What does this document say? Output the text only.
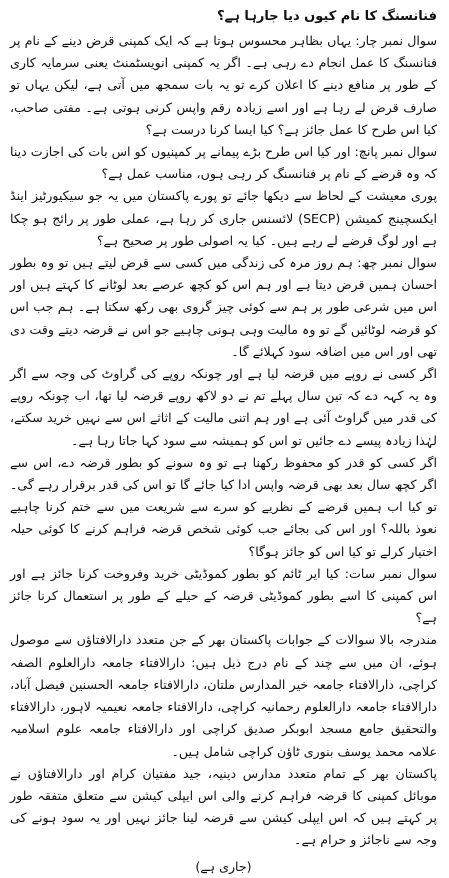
فنانسنگ کا نام کیوں دیا جارہا ہے؟

سوال نمبر چار: یہاں بظاہر محسوس ہوتا ہے کہ ایک کمپنی قرض دینے کے نام پر فنانسنگ کا عمل انجام دے رہی ہے۔ اگر یہ کمپنی انویسٹمنٹ یعنی سرمایہ کاری کے طور پر منافع دینے کا اعلان کرے تو یہ بات سمجھ میں آتی ہے، لیکن یہاں تو صارف قرض لے رہا ہے اور اسے زیادہ رقم واپس کرنی ہوتی ہے۔ مفتی صاحب، کیا اس طرح کا عمل جائز ہے؟ کیا ایسا کرنا درست ہے؟

سوال نمبر پانچ: اور کیا اس طرح بڑے پیمانے پر کمپنیوں کو اس بات کی اجازت دینا کہ وہ قرضے کے نام پر فنانسنگ کر رہی ہوں، مناسب عمل ہے؟

پوری معیشت کے لحاظ سے دیکھا جائے تو پورے پاکستان میں یہ جو سیکیورٹیز اینڈ ایکسچینج کمیشن (SECP) لائسنس جاری کر رہا ہے، عملی طور پر رائج ہو چکا ہے اور لوگ قرضے لے رہے ہیں۔ کیا یہ اصولی طور پر صحیح ہے؟

سوال نمبر چھ: ہم روز مرہ کی زندگی میں کسی سے قرض لیتے ہیں تو وہ بطور احسان ہمیں قرض دیتا ہے اور ہم اس کو کچھ عرصے بعد لوٹانے کا کہتے ہیں اور اس میں شرعی طور پر ہم سے کوئی چیز گروی بھی رکھ سکتا ہے۔ ہم جب اس کو قرضہ لوٹائیں گے تو وہ مالیت وہی ہونی چاہیے جو اس نے قرضہ دیتے وقت دی تھی اور اس میں اضافہ سود کہلائے گا۔

اگر کسی نے روپے میں قرضہ لیا ہے اور چونکہ روپے کی گراوٹ کی وجہ سے اگر وہ یہ کہہ دے کہ تین سال پہلے تم نے دو لاکھ روپے قرضہ لیا تھا، اب چونکہ روپے کی قدر میں گراوٹ آئی ہے اور ہم اتنی مالیت کے اثاثے اس سے نہیں خرید سکتے، لہٰذا زیادہ پیسے دے جائیں تو اس کو ہمیشہ سے سود کہا جاتا رہا ہے۔

اگر کسی کو قدر کو محفوظ رکھنا ہے تو وہ سونے کو بطور قرضہ دے، اس سے اگر کچھ سال بعد بھی قرضہ واپس ادا کیا جائے گا تو اس کی قدر برقرار رہے گی۔ تو کیا اب ہمیں قرضے کے نظریے کو سرے سے شریعت میں سے ختم کرنا چاہیے نعوذ باللہ؟ اور اس کی بجائے جب کوئی شخص قرضہ فراہم کرنے کا کوئی حیلہ اختیار کرلے تو کیا اس کو جائز ہوگا؟

سوال نمبر سات: کیا ایر ٹائم کو بطور کموڈیٹی خرید وفروخت کرنا جائز ہے اور اس کمپنی کا اسے بطور کموڈیٹی قرضہ کے حیلے کے طور پر استعمال کرنا جائز ہے؟

مندرجہ بالا سوالات کے جوابات پاکستان بھر کے جن متعدد دارالافتاؤں سے موصول ہوئے، ان میں سے چند کے نام درج ذیل ہیں: دارالافتاء جامعہ دارالعلوم الصفہ کراچی، دارالافتاء جامعہ خیر المدارس ملتان، دارالافتاء جامعہ الحسنین فیصل آباد، دارالافتاء جامعہ دارالعلوم رحمانیہ کراچی، دارالافتاء جامعہ نعیمیہ لاہور، دارالافتاء والتحقیق جامع مسجد ابوبکر صدیق کراچی اور دارالافتاء جامعہ علوم اسلامیہ علامہ محمد یوسف بنوری ٹاؤن کراچی شامل ہیں۔

پاکستان بھر کے تمام متعدد مدارس دینیہ، جید مفتیان کرام اور دارالافتاؤں نے موبائل کمپنی کا قرضہ فراہم کرنے والی اس ایپلی کیشن سے متعلق متفقہ طور پر کہتے ہیں کہ اس ایپلی کیشن سے قرضہ لینا جائز نہیں اور یہ سود ہونے کی وجہ سے ناجائز و حرام ہے۔

(جاری ہے)
